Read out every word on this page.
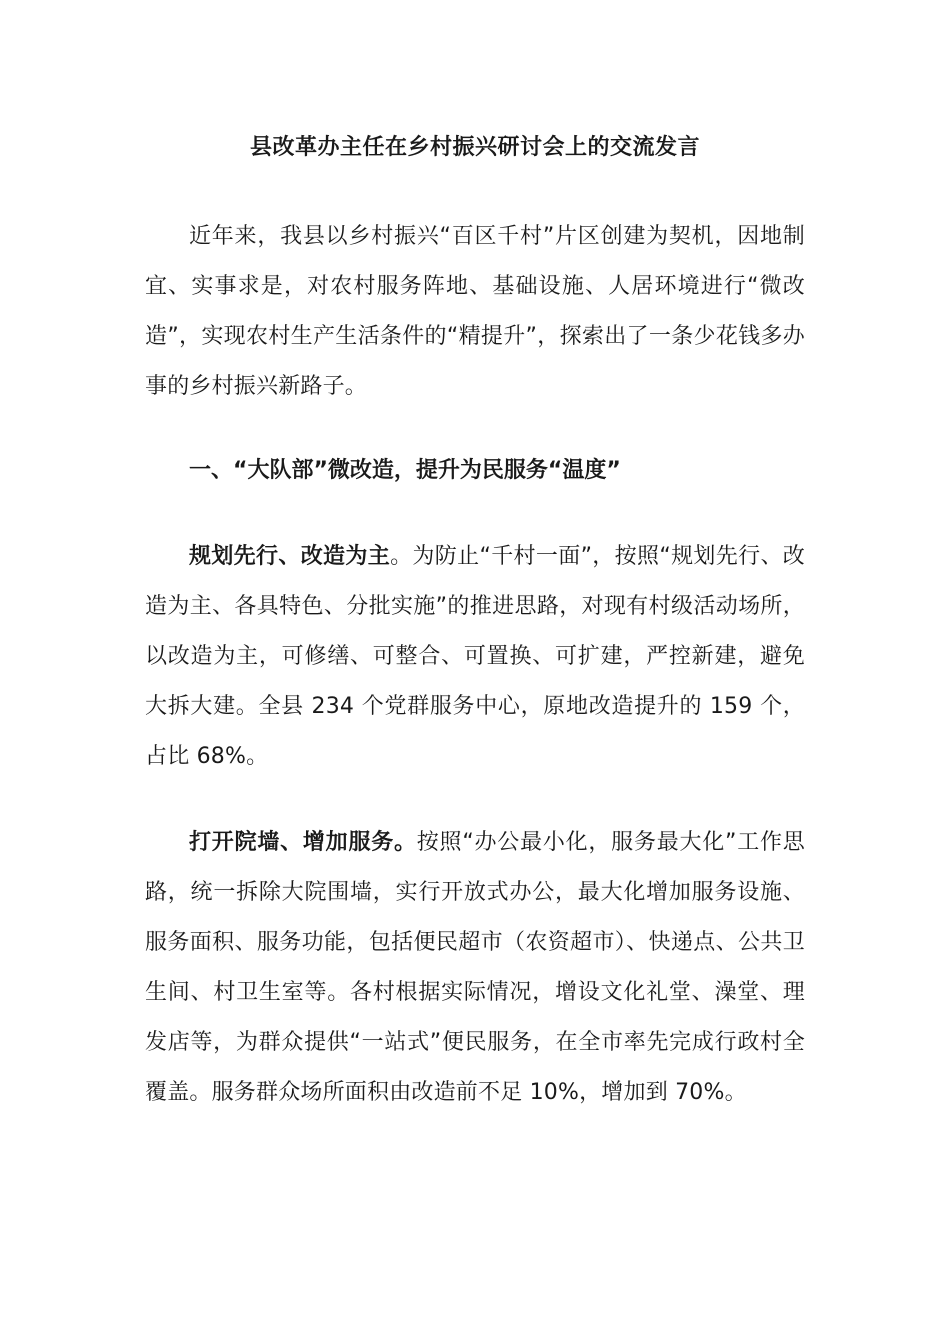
县改革办主任在乡村振兴研讨会上的交流发言

近年来，我县以乡村振兴“百区千村”片区创建为契机，因地制宜、实事求是，对农村服务阵地、基础设施、人居环境进行“微改造”，实现农村生产生活条件的“精提升”，探索出了一条少花钱多办事的乡村振兴新路子。

一、“大队部”微改造，提升为民服务“温度”

规划先行、改造为主。为防止“千村一面”，按照“规划先行、改造为主、各具特色、分批实施”的推进思路，对现有村级活动场所，以改造为主，可修缮、可整合、可置换、可扩建，严控新建，避免大拆大建。全县 234 个党群服务中心，原地改造提升的 159 个，占比 68%。

打开院墙、增加服务。按照“办公最小化，服务最大化”工作思路，统一拆除大院围墙，实行开放式办公，最大化增加服务设施、服务面积、服务功能，包括便民超市（农资超市）、快递点、公共卫生间、村卫生室等。各村根据实际情况，增设文化礼堂、澡堂、理发店等，为群众提供“一站式”便民服务，在全市率先完成行政村全覆盖。服务群众场所面积由改造前不足 10%，增加到 70%。
